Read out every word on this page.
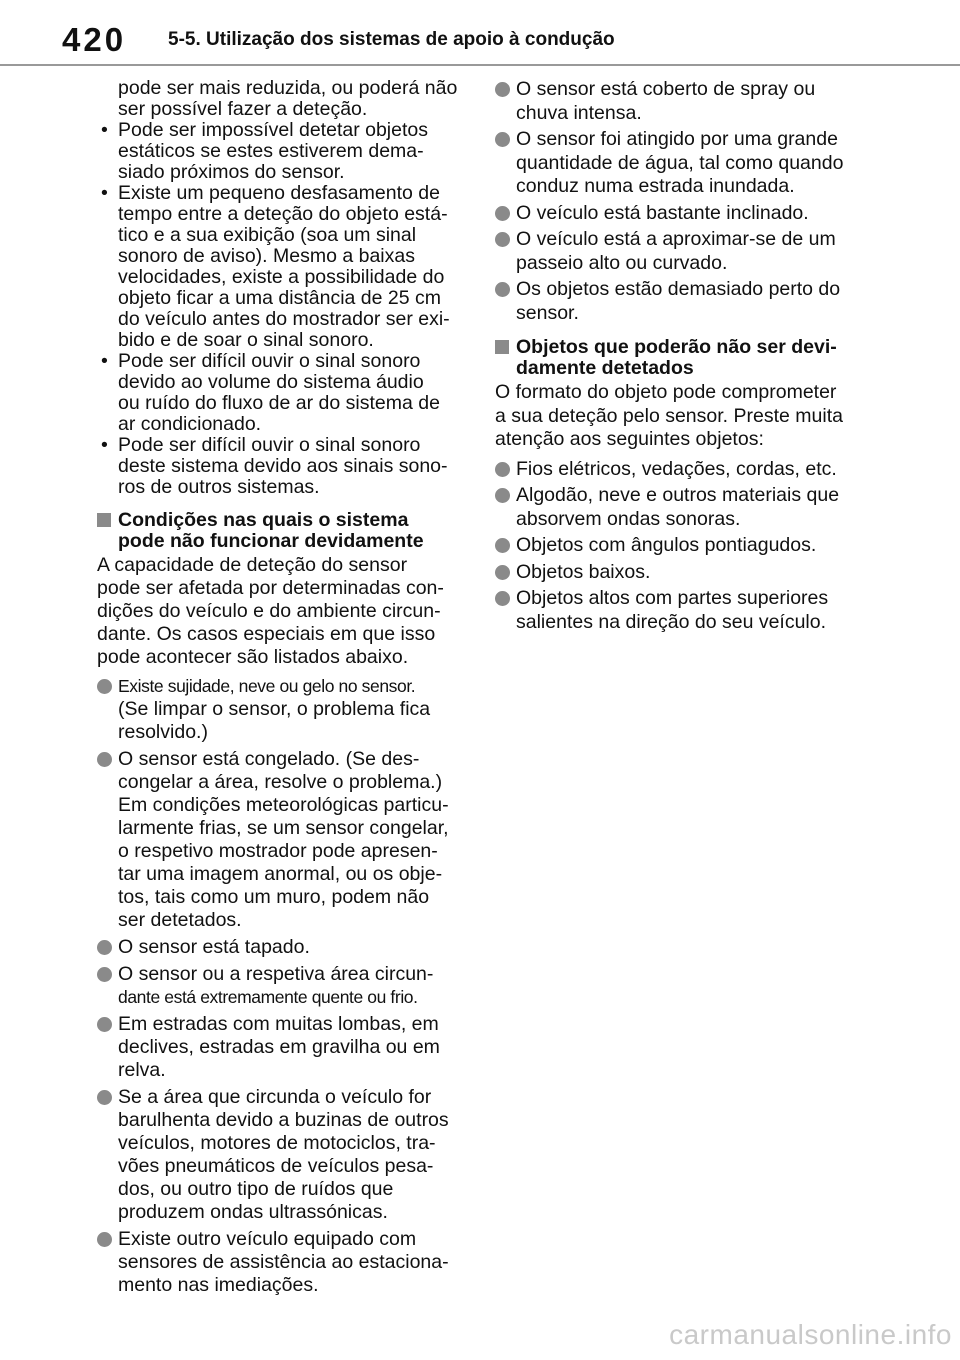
420 5-5. Utilização dos sistemas de apoio à condução

pode ser mais reduzida, ou poderá não
ser possível fazer a deteção.

• Pode ser impossível detetar objetos
estáticos se estes estiverem dema-
siado próximos do sensor.
• Existe um pequeno desfasamento de
tempo entre a deteção do objeto está-
tico e a sua exibição (soa um sinal
sonoro de aviso). Mesmo a baixas
velocidades, existe a possibilidade do
objeto ficar a uma distância de 25 cm
do veículo antes do mostrador ser exi-
bido e de soar o sinal sonoro.
• Pode ser difícil ouvir o sinal sonoro
devido ao volume do sistema áudio
ou ruído do fluxo de ar do sistema de
ar condicionado.
• Pode ser difícil ouvir o sinal sonoro
deste sistema devido aos sinais sono-
ros de outros sistemas.
Condições nas quais o sistema
pode não funcionar devidamente

A capacidade de deteção do sensor
pode ser afetada por determinadas con-
dições do veículo e do ambiente circun-
dante. Os casos especiais em que isso
pode acontecer são listados abaixo.

Existe sujidade, neve ou gelo no sensor.
(Se limpar o sensor, o problema fica
resolvido.)
O sensor está congelado. (Se des-
congelar a área, resolve o problema.)
Em condições meteorológicas particu-
larmente frias, se um sensor congelar,
o respetivo mostrador pode apresen-
tar uma imagem anormal, ou os obje-
tos, tais como um muro, podem não
ser detetados.
O sensor está tapado.
O sensor ou a respetiva área circun-
dante está extremamente quente ou frio.
Em estradas com muitas lombas, em
declives, estradas em gravilha ou em
relva.
Se a área que circunda o veículo for
barulhenta devido a buzinas de outros
veículos, motores de motociclos, tra-
vões pneumáticos de veículos pesa-
dos, ou outro tipo de ruídos que
produzem ondas ultrassónicas.
Existe outro veículo equipado com
sensores de assistência ao estaciona-
mento nas imediações.
O sensor está coberto de spray ou
chuva intensa.
O sensor foi atingido por uma grande
quantidade de água, tal como quando
conduz numa estrada inundada.
O veículo está bastante inclinado.
O veículo está a aproximar-se de um
passeio alto ou curvado.
Os objetos estão demasiado perto do
sensor.
Objetos que poderão não ser devi-
damente detetados

O formato do objeto pode comprometer
a sua deteção pelo sensor. Preste muita
atenção aos seguintes objetos:

Fios elétricos, vedações, cordas, etc.
Algodão, neve e outros materiais que
absorvem ondas sonoras.
Objetos com ângulos pontiagudos.
Objetos baixos.
Objetos altos com partes superiores
salientes na direção do seu veículo.
carmanualsonline.info
